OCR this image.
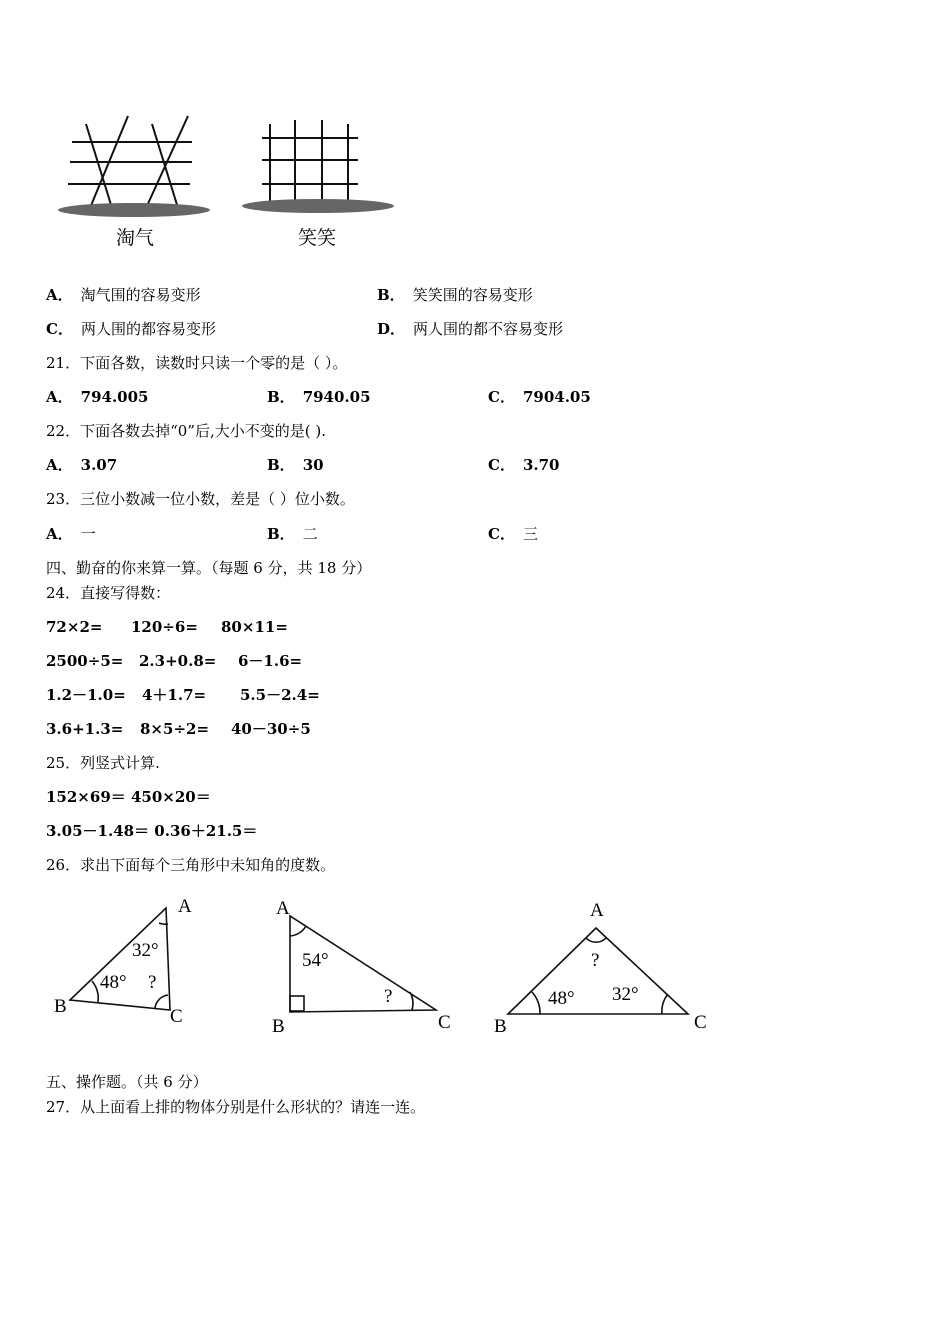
淘气	笑笑
A． 淘气围的容易变形	B． 笑笑围的容易变形
C． 两人围的都容易变形	D． 两人围的都不容易变形
21．下面各数，读数时只读一个零的是（ ）。
A． 794.005	B． 7940.05	C． 7904.05
22．下面各数去掉“0”后,大小不变的是( ).
A． 3.07	B． 30	C． 3.70
23．三位小数减一位小数，差是（ ）位小数。
A． 一	B． 二	C． 三
四、勤奋的你来算一算。（每题 6 分，共 18 分）
24．直接写得数：
72×2= 120÷6= 80×11=
2500÷5= 2.3+0.8= 6－1.6=
1.2－1.0= 4＋1.7= 5.5－2.4=
3.6+1.3= 8×5÷2= 40－30÷5
25．列竖式计算.
152×69＝ 450×20＝
3.05－1.48＝ 0.36＋21.5＝
26．求出下面每个三角形中未知角的度数。
A
B	C
32°
48° ?
A
B	C
54°
?
A
B	C
?
48° 32°
五、操作题。（共 6 分）
27．从上面看上排的物体分别是什么形状的？请连一连。
